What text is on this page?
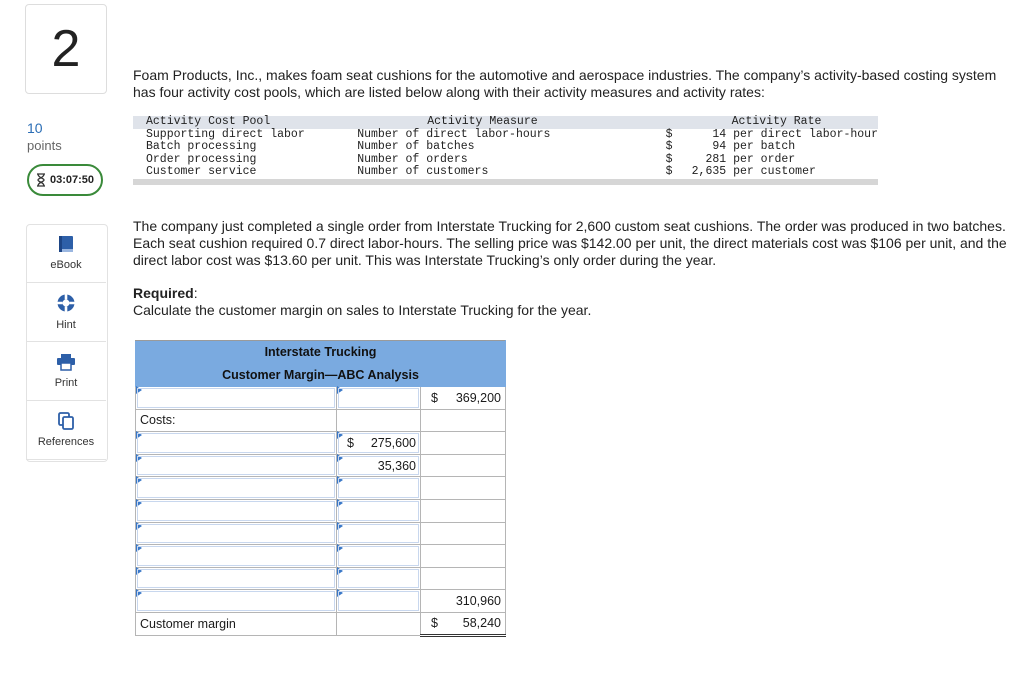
2
10
points
03:07:50
eBook
Hint
Print
References
Foam Products, Inc., makes foam seat cushions for the automotive and aerospace industries. The company’s activity-based costing system has four activity cost pools, which are listed below along with their activity measures and activity rates:
Activity Cost Pool	Activity Measure		Activity Rate
Supporting direct labor	Number of direct labor-hours	$	14 per direct labor-hour
Batch processing	Number of batches	$	94 per batch
Order processing	Number of orders	$	281 per order
Customer service	Number of customers	$	2,635 per customer
The company just completed a single order from Interstate Trucking for 2,600 custom seat cushions. The order was produced in two batches. Each seat cushion required 0.7 direct labor-hours. The selling price was $142.00 per unit, the direct materials cost was $106 per unit, and the direct labor cost was $13.60 per unit. This was Interstate Trucking’s only order during the year.
Required:
Calculate the customer margin on sales to Interstate Trucking for the year.
Interstate Trucking		
Customer Margin—ABC Analysis		

		$ 369,200
Costs:		

	$ 275,600	
	35,360	

		310,960
Customer margin		$ 58,240
